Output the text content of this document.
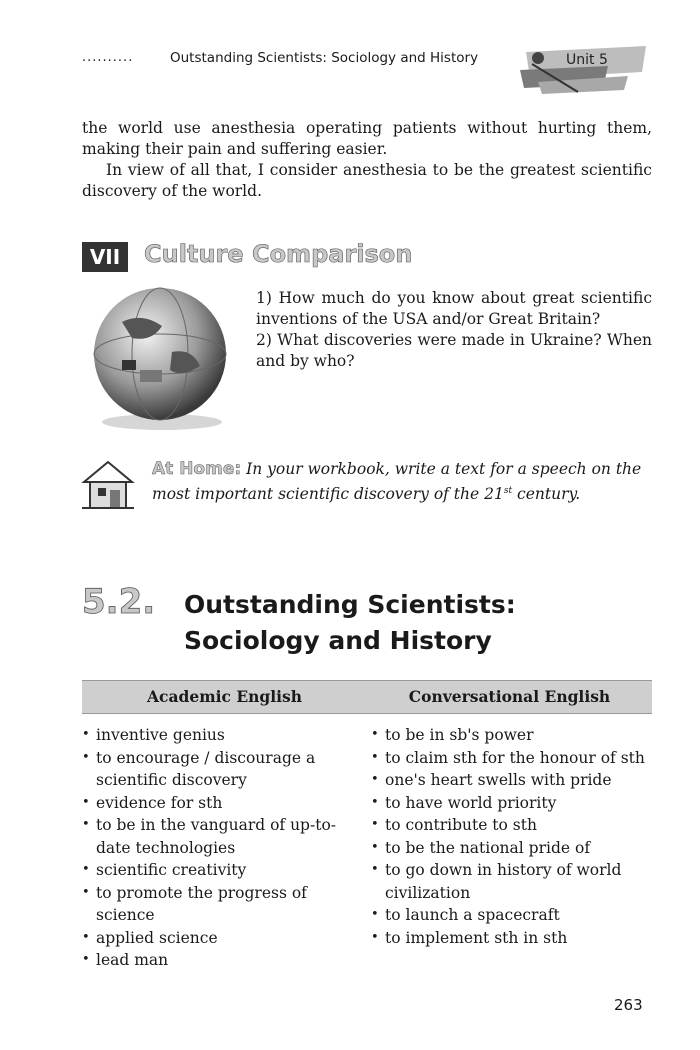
..........	Outstanding Scientists: Sociology and History	Unit 5

the world use anesthesia operating patients without hurting them, making their pain and suffering easier.

In view of all that, I consider anesthesia to be the greatest scientific discovery of the world.

VII Culture Comparison

1) How much do you know about great scientific inventions of the USA and/or Great Britain?

2) What discoveries were made in Ukraine? When and by who?

At Home: In your workbook, write a text for a speech on the most important scientific discovery of the 21st century.
5.2. Outstanding Scientists:
Sociology and History
Academic English	Conversational English
• inventive genius
• to encourage / discourage a scientific discovery
• evidence for sth
• to be in the vanguard of up-to-date technologies
• scientific creativity
• to promote the progress of science
• applied science
• lead man
• to be in sb's power
• to claim sth for the honour of sth
• one's heart swells with pride
• to have world priority
• to contribute to sth
• to be the national pride of
• to go down in history of world civilization
• to launch a spacecraft
• to implement sth in sth
263
